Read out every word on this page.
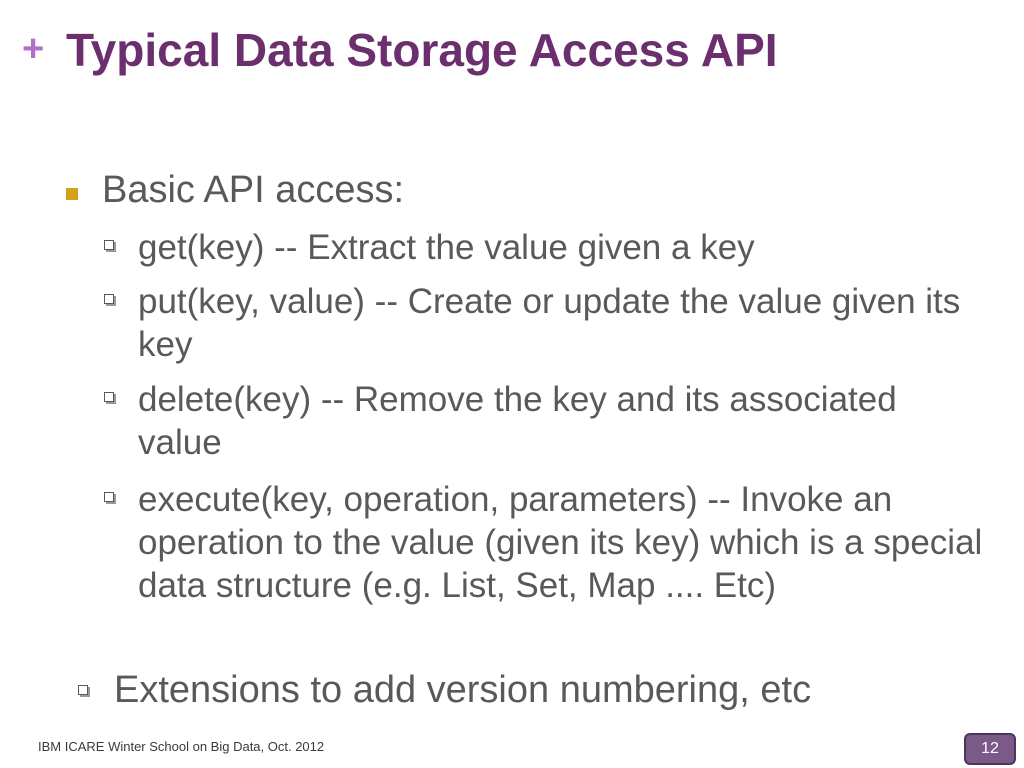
+ Typical Data Storage Access API
Basic API access:
get(key) -- Extract the value given a key
put(key, value) -- Create or update the value given its key
delete(key) -- Remove the key and its associated value
execute(key, operation, parameters) -- Invoke an operation to the value (given its key) which is a special data structure (e.g. List, Set, Map .... Etc)
Extensions to add version numbering, etc
IBM ICARE Winter School on Big Data, Oct. 2012	12
